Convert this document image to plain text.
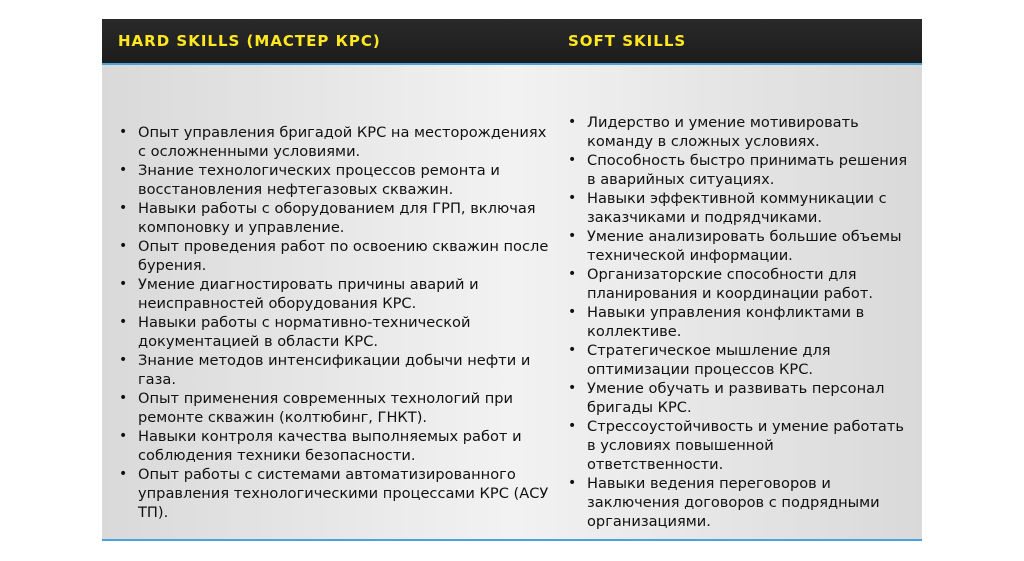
HARD SKILLS (МАСТЕР КРС)	SOFT SKILLS
• Опыт управления бригадой КРС на месторождениях с осложненными условиями.
• Знание технологических процессов ремонта и восстановления нефтегазовых скважин.
• Навыки работы с оборудованием для ГРП, включая компоновку и управление.
• Опыт проведения работ по освоению скважин после бурения.
• Умение диагностировать причины аварий и неисправностей оборудования КРС.
• Навыки работы с нормативно-технической документацией в области КРС.
• Знание методов интенсификации добычи нефти и газа.
• Опыт применения современных технологий при ремонте скважин (колтюбинг, ГНКТ).
• Навыки контроля качества выполняемых работ и соблюдения техники безопасности.
• Опыт работы с системами автоматизированного управления технологическими процессами КРС (АСУ ТП).
• Лидерство и умение мотивировать команду в сложных условиях.
• Способность быстро принимать решения в аварийных ситуациях.
• Навыки эффективной коммуникации с заказчиками и подрядчиками.
• Умение анализировать большие объемы технической информации.
• Организаторские способности для планирования и координации работ.
• Навыки управления конфликтами в коллективе.
• Стратегическое мышление для оптимизации процессов КРС.
• Умение обучать и развивать персонал бригады КРС.
• Стрессоустойчивость и умение работать в условиях повышенной ответственности.
• Навыки ведения переговоров и заключения договоров с подрядными организациями.
